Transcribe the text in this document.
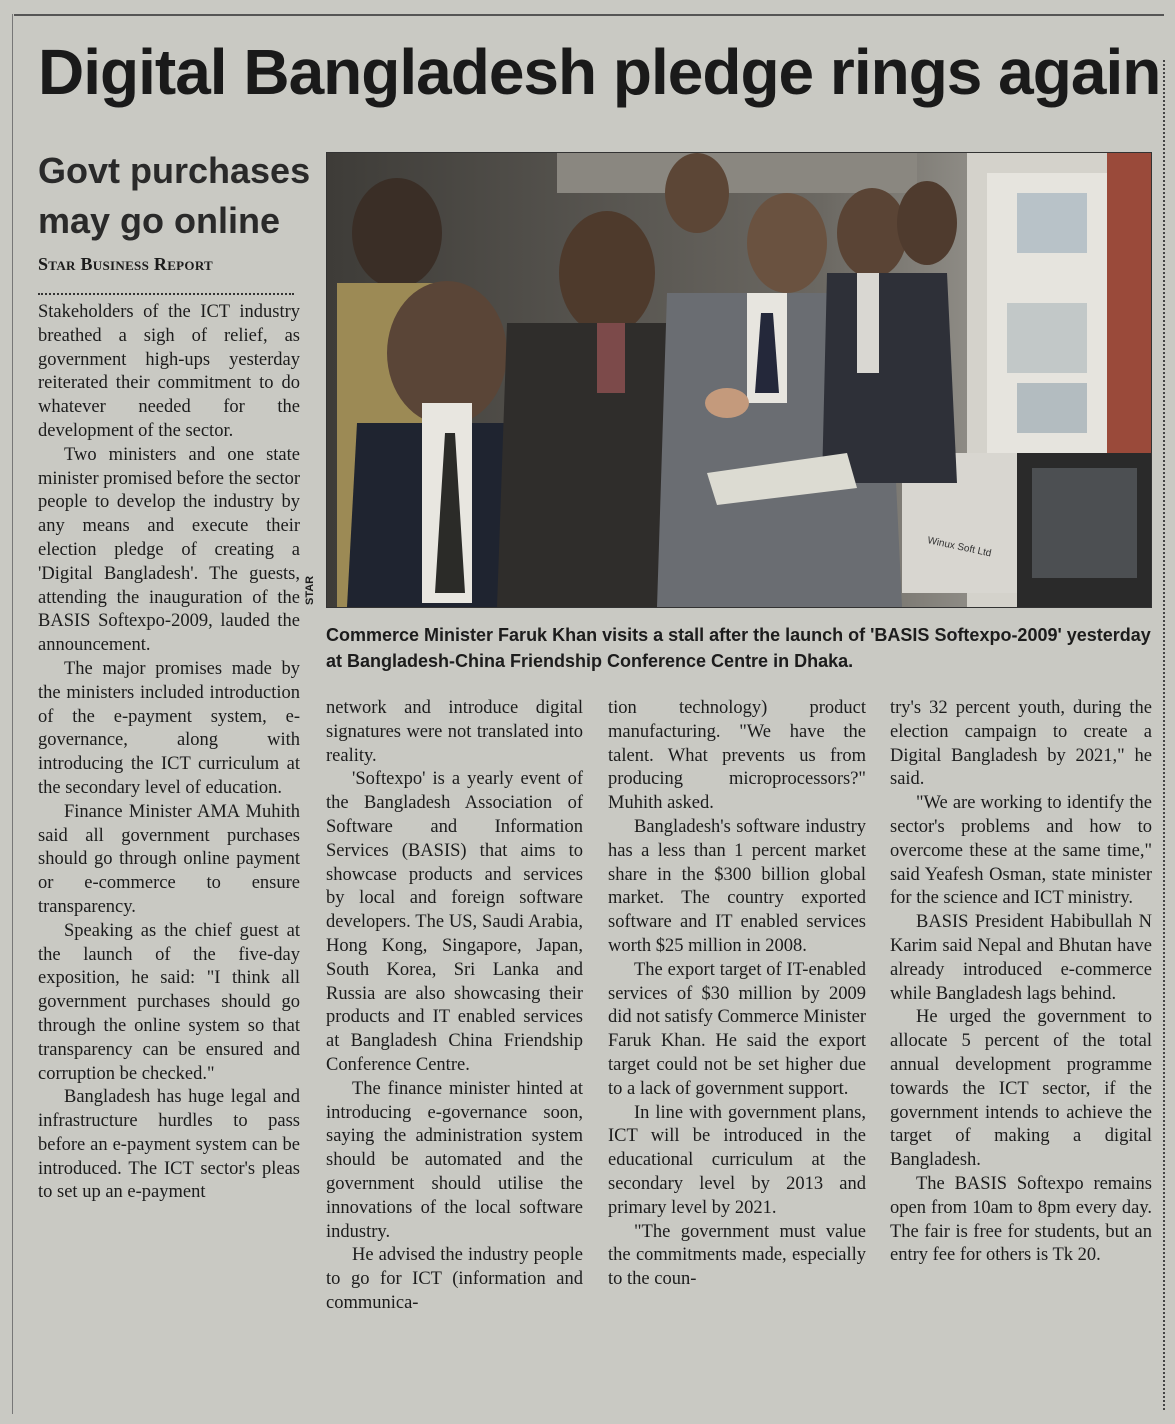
Digital Bangladesh pledge rings again
Govt purchases may go online
Star Business Report

Stakeholders of the ICT industry breathed a sigh of relief, as government high-ups yesterday reiterated their commitment to do whatever needed for the development of the sector.

Two ministers and one state minister promised before the sector people to develop the industry by any means and execute their election pledge of creating a 'Digital Bangladesh'. The guests, attending the inauguration of the BASIS Softexpo-2009, lauded the announcement.

The major promises made by the ministers included introduction of the e-payment system, e-governance, along with introducing the ICT curriculum at the secondary level of education.

Finance Minister AMA Muhith said all government purchases should go through online payment or e-commerce to ensure transparency.

Speaking as the chief guest at the launch of the five-day exposition, he said: "I think all government purchases should go through the online system so that transparency can be ensured and corruption be checked."

Bangladesh has huge legal and infrastructure hurdles to pass before an e-payment system can be introduced. The ICT sector's pleas to set up an e-payment

Winux Soft Ltd
STAR
Commerce Minister Faruk Khan visits a stall after the launch of 'BASIS Softexpo-2009' yesterday at Bangladesh-China Friendship Conference Centre in Dhaka.

network and introduce digital signatures were not translated into reality.

'Softexpo' is a yearly event of the Bangladesh Association of Software and Information Services (BASIS) that aims to showcase products and services by local and foreign software developers. The US, Saudi Arabia, Hong Kong, Singapore, Japan, South Korea, Sri Lanka and Russia are also showcasing their products and IT enabled services at Bangladesh China Friendship Conference Centre.

The finance minister hinted at introducing e-governance soon, saying the administration system should be automated and the government should utilise the innovations of the local software industry.

He advised the industry people to go for ICT (information and communica-

tion technology) product manufacturing. "We have the talent. What prevents us from producing microprocessors?" Muhith asked.

Bangladesh's software industry has a less than 1 percent market share in the $300 billion global market. The country exported software and IT enabled services worth $25 million in 2008.

The export target of IT-enabled services of $30 million by 2009 did not satisfy Commerce Minister Faruk Khan. He said the export target could not be set higher due to a lack of government support.

In line with government plans, ICT will be introduced in the educational curriculum at the secondary level by 2013 and primary level by 2021.

"The government must value the commitments made, especially to the coun-

try's 32 percent youth, during the election campaign to create a Digital Bangladesh by 2021," he said.

"We are working to identify the sector's problems and how to overcome these at the same time," said Yeafesh Osman, state minister for the science and ICT ministry.

BASIS President Habibullah N Karim said Nepal and Bhutan have already introduced e-commerce while Bangladesh lags behind.

He urged the government to allocate 5 percent of the total annual development programme towards the ICT sector, if the government intends to achieve the target of making a digital Bangladesh.

The BASIS Softexpo remains open from 10am to 8pm every day. The fair is free for students, but an entry fee for others is Tk 20.
